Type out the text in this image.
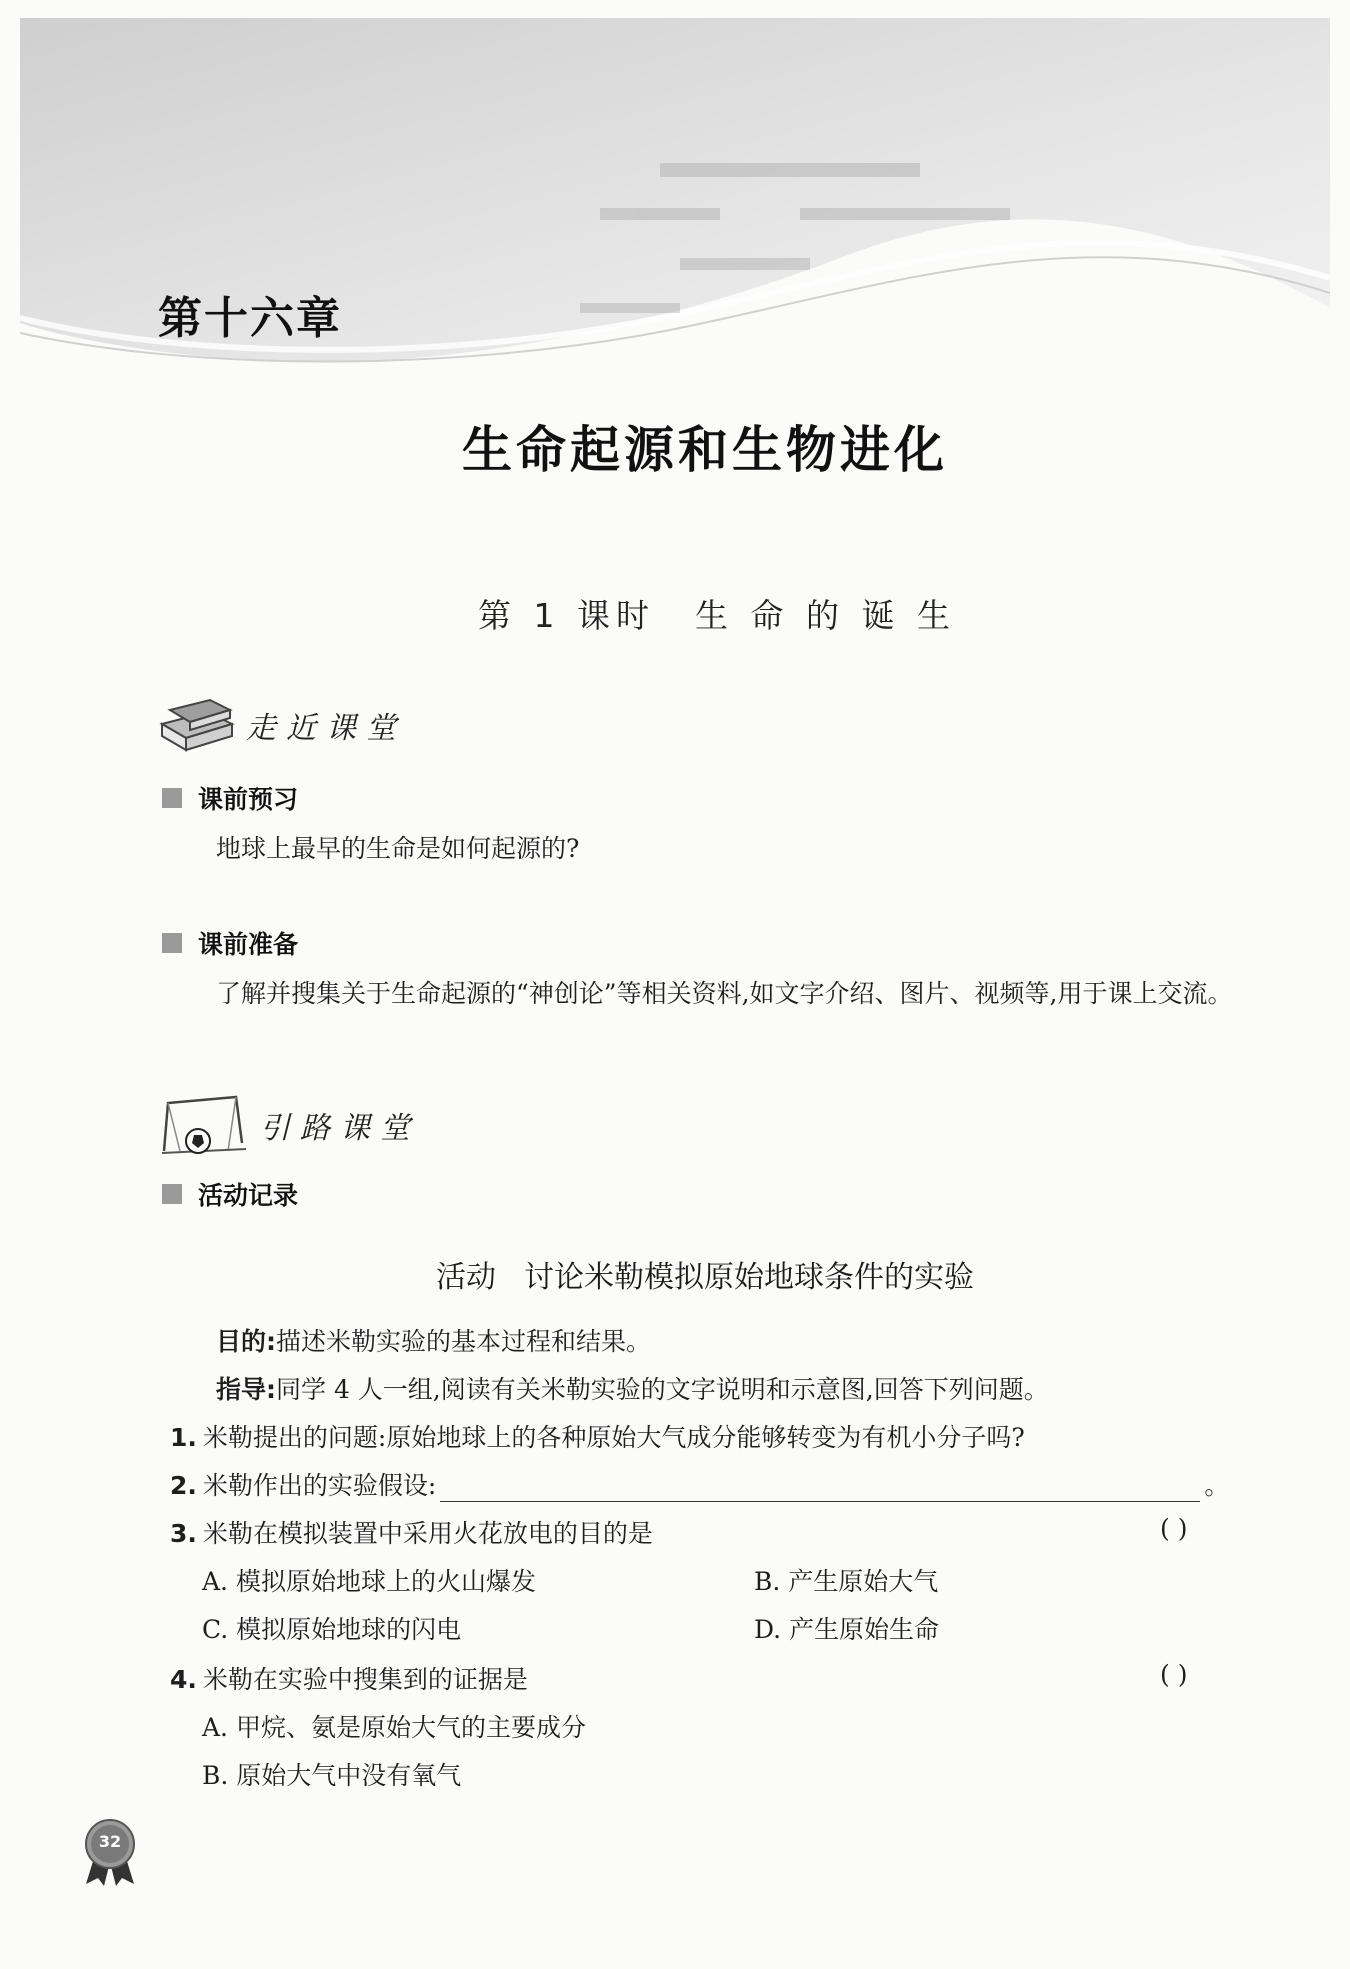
第十六章
生命起源和生物进化
第 1 课时 生 命 的 诞 生
走近课堂
课前预习
地球上最早的生命是如何起源的?
课前准备
了解并搜集关于生命起源的“神创论”等相关资料,如文字介绍、图片、视频等,用于课上交流。
引路课堂
活动记录
活动 讨论米勒模拟原始地球条件的实验
目的:描述米勒实验的基本过程和结果。
指导:同学 4 人一组,阅读有关米勒实验的文字说明和示意图,回答下列问题。
1. 米勒提出的问题:原始地球上的各种原始大气成分能够转变为有机小分子吗?
2. 米勒作出的实验假设:	。
3. 米勒在模拟装置中采用火花放电的目的是	( )
A. 模拟原始地球上的火山爆发	B. 产生原始大气
C. 模拟原始地球的闪电	D. 产生原始生命
4. 米勒在实验中搜集到的证据是	( )
A. 甲烷、氨是原始大气的主要成分
B. 原始大气中没有氧气
32
